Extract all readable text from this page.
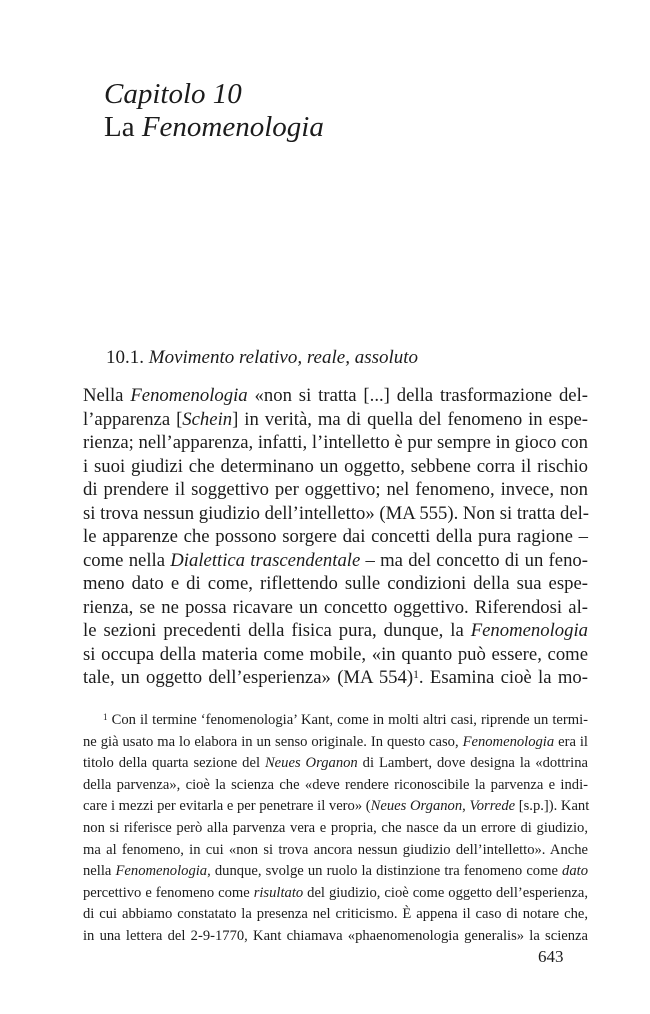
Capitolo 10
La Fenomenologia
10.1. Movimento relativo, reale, assoluto
Nella Fenomenologia «non si tratta [...] della trasformazione del-
l’apparenza [Schein] in verità, ma di quella del fenomeno in espe-
rienza; nell’apparenza, infatti, l’intelletto è pur sempre in gioco con
i suoi giudizi che determinano un oggetto, sebbene corra il rischio
di prendere il soggettivo per oggettivo; nel fenomeno, invece, non
si trova nessun giudizio dell’intelletto» (MA 555). Non si tratta del-
le apparenze che possono sorgere dai concetti della pura ragione –
come nella Dialettica trascendentale – ma del concetto di un feno-
meno dato e di come, riflettendo sulle condizioni della sua espe-
rienza, se ne possa ricavare un concetto oggettivo. Riferendosi al-
le sezioni precedenti della fisica pura, dunque, la Fenomenologia
si occupa della materia come mobile, «in quanto può essere, come
tale, un oggetto dell’esperienza» (MA 554)$^1$. Esamina cioè la mo-
$^1$ Con il termine ‘fenomenologia’ Kant, come in molti altri casi, riprende un termi-
ne già usato ma lo elabora in un senso originale. In questo caso, Fenomenologia era il
titolo della quarta sezione del Neues Organon di Lambert, dove designa la «dottrina
della parvenza», cioè la scienza che «deve rendere riconoscibile la parvenza e indi-
care i mezzi per evitarla e per penetrare il vero» (Neues Organon, Vorrede [s.p.]). Kant
non si riferisce però alla parvenza vera e propria, che nasce da un errore di giudizio,
ma al fenomeno, in cui «non si trova ancora nessun giudizio dell’intelletto». Anche
nella Fenomenologia, dunque, svolge un ruolo la distinzione tra fenomeno come dato
percettivo e fenomeno come risultato del giudizio, cioè come oggetto dell’esperienza,
di cui abbiamo constatato la presenza nel criticismo. È appena il caso di notare che,
in una lettera del 2-9-1770, Kant chiamava «phaenomenologia generalis» la scienza
643
